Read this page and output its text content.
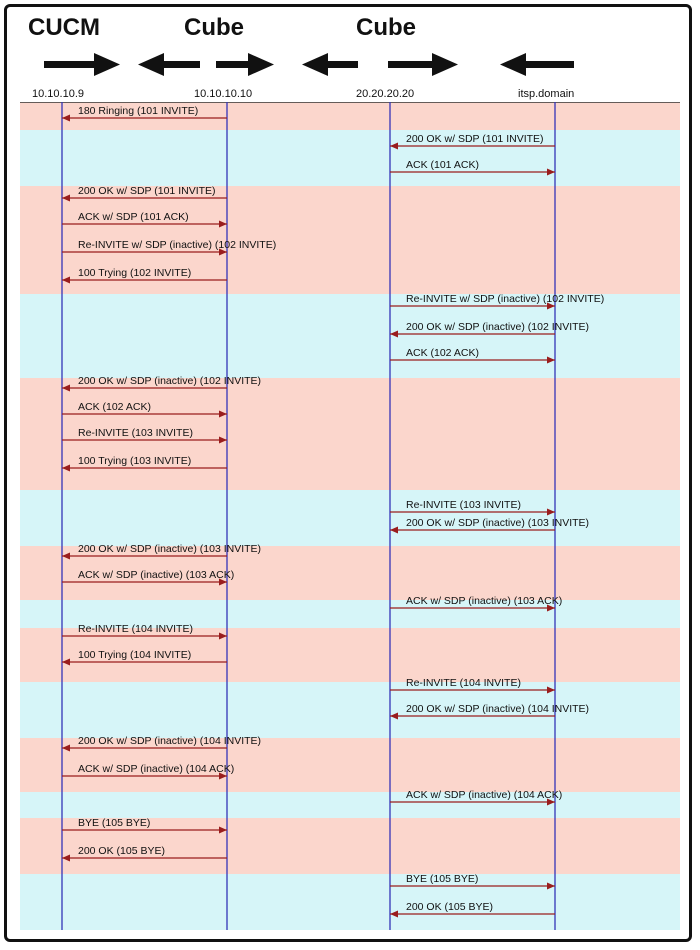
CUCM	Cube	Cube
10.10.10.9	10.10.10.10	20.20.20.20	itsp.domain
180 Ringing (101 INVITE)
200 OK w/ SDP (101 INVITE)
ACK (101 ACK)
200 OK w/ SDP (101 INVITE)
ACK w/ SDP (101 ACK)
Re-INVITE w/ SDP (inactive) (102 INVITE)
100 Trying (102 INVITE)
Re-INVITE w/ SDP (inactive) (102 INVITE)
200 OK w/ SDP (inactive) (102 INVITE)
ACK (102 ACK)
200 OK w/ SDP (inactive) (102 INVITE)
ACK (102 ACK)
Re-INVITE (103 INVITE)
100 Trying (103 INVITE)
Re-INVITE (103 INVITE)
200 OK w/ SDP (inactive) (103 INVITE)
200 OK w/ SDP (inactive) (103 INVITE)
ACK w/ SDP (inactive) (103 ACK)
ACK w/ SDP (inactive) (103 ACK)
Re-INVITE (104 INVITE)
100 Trying (104 INVITE)
Re-INVITE (104 INVITE)
200 OK w/ SDP (inactive) (104 INVITE)
200 OK w/ SDP (inactive) (104 INVITE)
ACK w/ SDP (inactive) (104 ACK)
ACK w/ SDP (inactive) (104 ACK)
BYE (105 BYE)
200 OK (105 BYE)
BYE (105 BYE)
200 OK (105 BYE)
